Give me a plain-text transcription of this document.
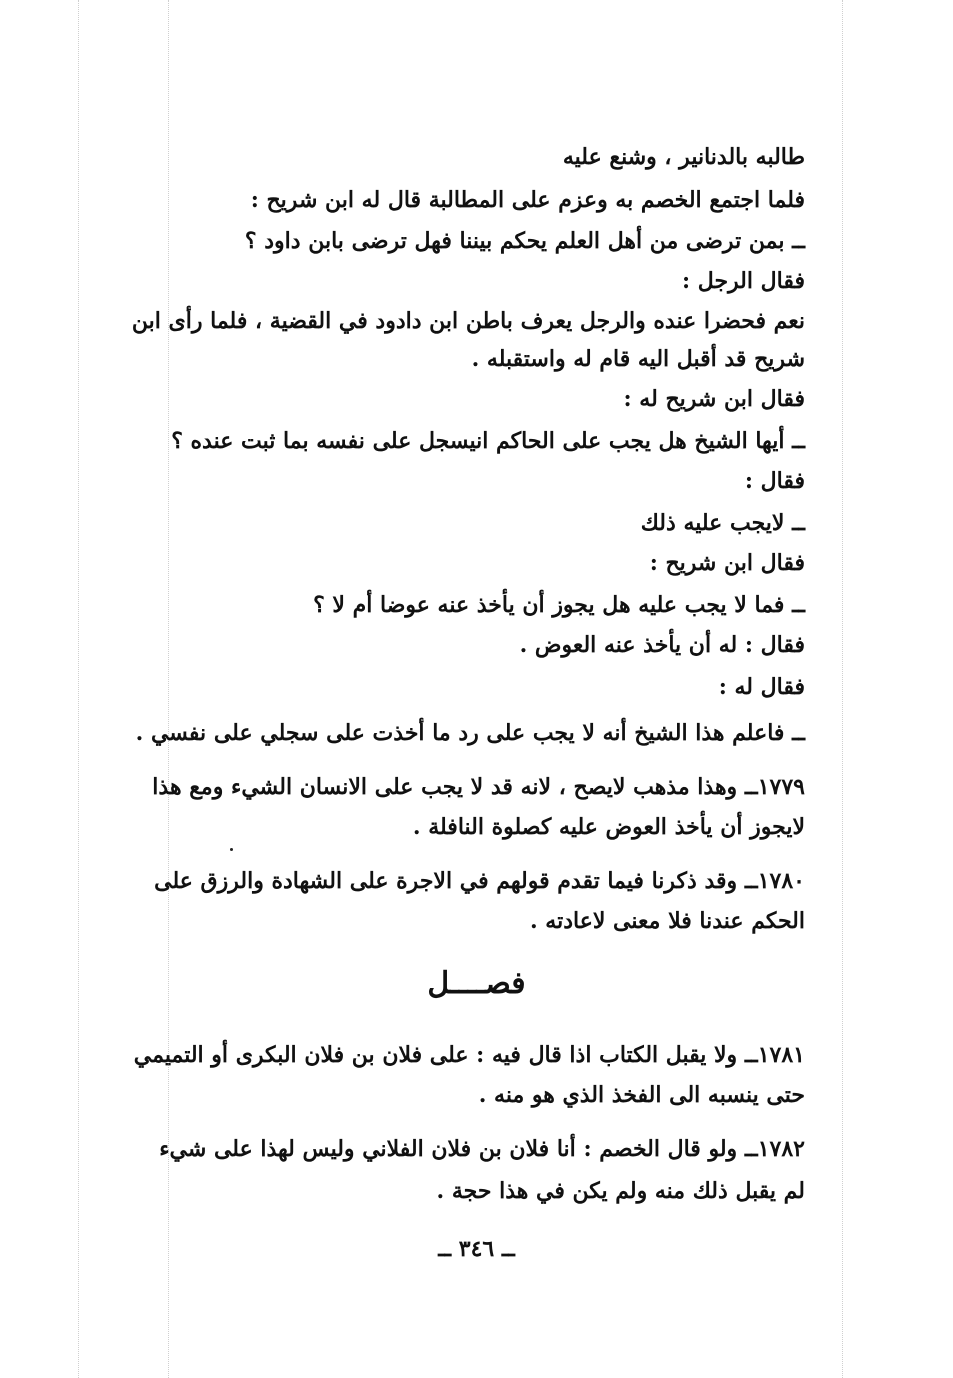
طالبه بالدنانير ، وشنع عليه
فلما اجتمع الخصم به وعزم على المطالبة قال له ابن شريح :
ــ بمن ترضى من أهل العلم يحكم بيننا فهل ترضى بابن داود ؟
فقال الرجل :
نعم فحضرا عنده والرجل يعرف باطن ابن دادود في القضية ، فلما رأى ابن
شريح قد أقبل اليه قام له واستقبله .
فقال ابن شريح له :
ــ أيها الشيخ هل يجب على الحاكم انيسجل على نفسه بما ثبت عنده ؟
فقال :
ــ لايجب عليه ذلك
فقال ابن شريح :
ــ فما لا يجب عليه هل يجوز أن يأخذ عنه عوضا أم لا ؟
فقال : له أن يأخذ عنه العوض .
فقال له :
ــ فاعلم هذا الشيخ أنه لا يجب على رد ما أخذت على سجلي على نفسي .
١٧٧٩ــ وهذا مذهب لايصح ، لانه قد لا يجب على الانسان الشيء ومع هذا
لايجوز أن يأخذ العوض عليه كصلوة النافلة .
١٧٨٠ــ وقد ذكرنا فيما تقدم قولهم في الاجرة على الشهادة والرزق على
الحكم عندنا فلا معنى لاعادته .
فصــــل
١٧٨١ــ ولا يقبل الكتاب اذا قال فيه : على فلان بن فلان البكرى أو التميمي
حتى ينسبه الى الفخذ الذي هو منه .
١٧٨٢ــ ولو قال الخصم : أنا فلان بن فلان الفلاني وليس لهذا على شيء
لم يقبل ذلك منه ولم يكن في هذا حجة .
ــ ٣٤٦ ــ
